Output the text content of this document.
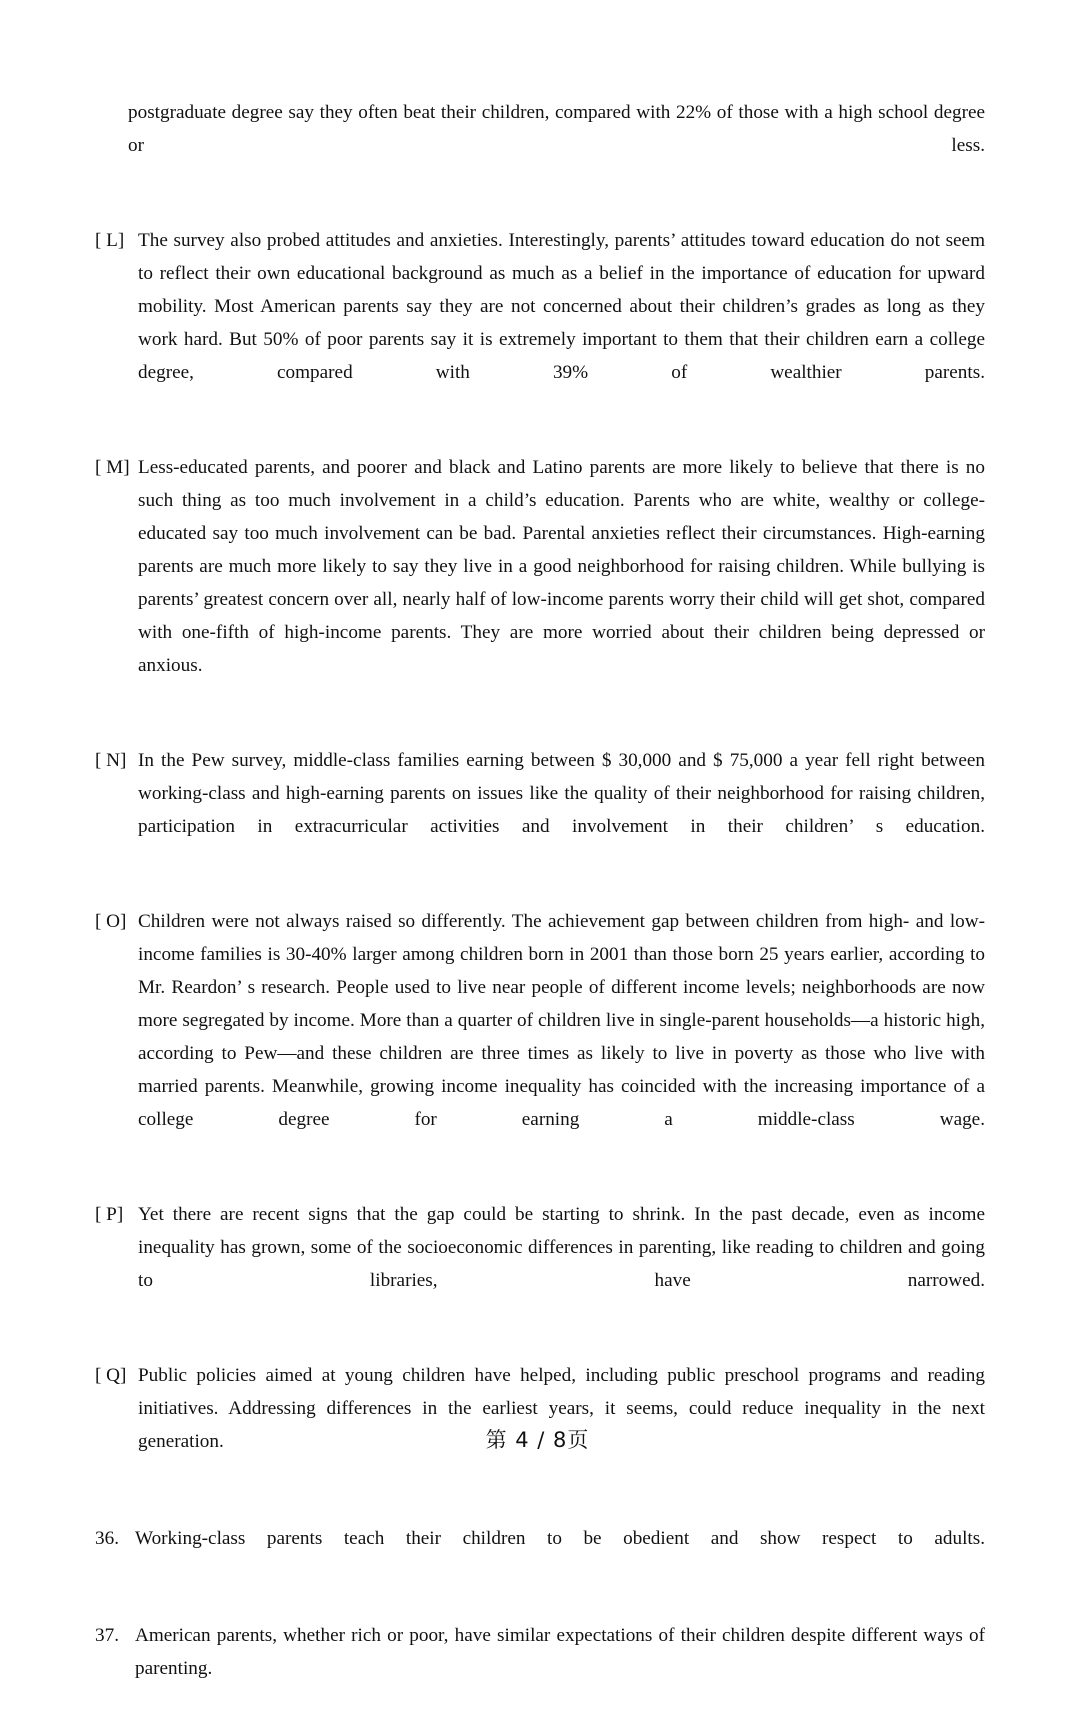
postgraduate degree say they often beat their children, compared with 22% of those with a high school degree or less.
[ L] The survey also probed attitudes and anxieties. Interestingly, parents’ attitudes toward education do not seem to reflect their own educational background as much as a belief in the importance of education for upward mobility. Most American parents say they are not concerned about their children’s grades as long as they work hard. But 50% of poor parents say it is extremely important to them that their children earn a college degree, compared with 39% of wealthier parents.
[ M] Less-educated parents, and poorer and black and Latino parents are more likely to believe that there is no such thing as too much involvement in a child’s education. Parents who are white, wealthy or college-educated say too much involvement can be bad. Parental anxieties reflect their circumstances. High-earning parents are much more likely to say they live in a good neighborhood for raising children. While bullying is parents’ greatest concern over all, nearly half of low-income parents worry their child will get shot, compared with one-fifth of high-income parents. They are more worried about their children being depressed or anxious.
[ N] In the Pew survey, middle-class families earning between $ 30,000 and $ 75,000 a year fell right between working-class and high-earning parents on issues like the quality of their neighborhood for raising children, participation in extracurricular activities and involvement in their children’ s education.
[ O] Children were not always raised so differently. The achievement gap between children from high- and low-income families is 30-40% larger among children born in 2001 than those born 25 years earlier, according to Mr. Reardon’ s research. People used to live near people of different income levels; neighborhoods are now more segregated by income. More than a quarter of children live in single-parent households—a historic high, according to Pew—and these children are three times as likely to live in poverty as those who live with married parents. Meanwhile, growing income inequality has coincided with the increasing importance of a college degree for earning a middle-class wage.
[ P] Yet there are recent signs that the gap could be starting to shrink. In the past decade, even as income inequality has grown, some of the socioeconomic differences in parenting, like reading to children and going to libraries, have narrowed.
[ Q] Public policies aimed at young children have helped, including public preschool programs and reading initiatives. Addressing differences in the earliest years, it seems, could reduce inequality in the next generation.
36. Working-class parents teach their children to be obedient and show respect to adults.
37. American parents, whether rich or poor, have similar expectations of their children despite different ways of parenting.
第 4 / 8页
